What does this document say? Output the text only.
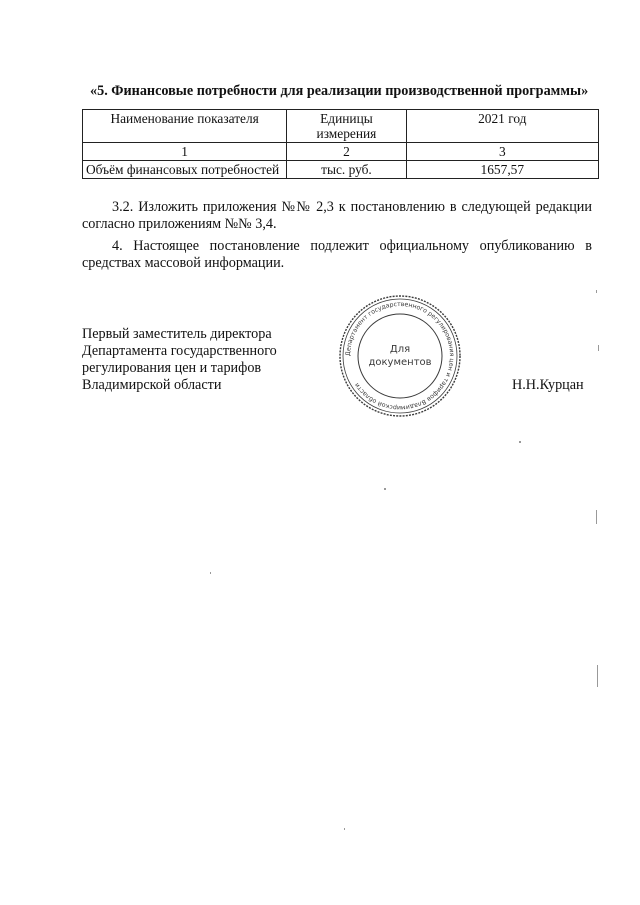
«5. Финансовые потребности для реализации производственной программы»
Наименование показателя	Единицы измерения	2021 год
1	2	3
Объём финансовых потребностей	тыс. руб.	1657,57
3.2. Изложить приложения №№ 2,3 к постановлению в следующей редакции согласно приложениям №№ 3,4.
4. Настоящее постановление подлежит официальному опубликованию в средствах массовой информации.
Первый заместитель директора
Департамента государственного
регулирования цен и тарифов
Владимирской области	Н.Н.Курцан
Департамент государственного регулирования цен и тарифов Владимирской области
Для
документов
